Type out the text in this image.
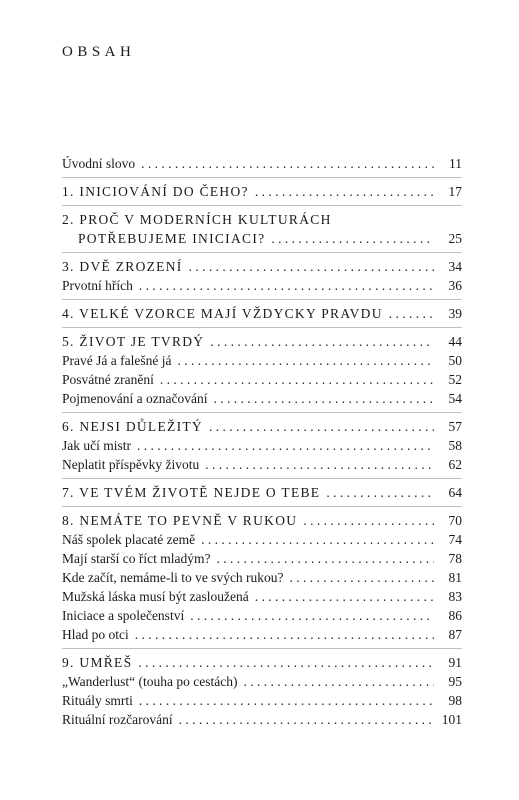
OBSAH
Úvodní slovo . . .	11
1. INICIOVÁNÍ DO ČEHO? . . .	17
2. PROČ V MODERNÍCH KULTURÁCH
POTŘEBUJEME INICIACI? . . .	25
3. DVĚ ZROZENÍ . . .	34
Prvotní hřích . . .	36
4. VELKÉ VZORCE MAJÍ VŽDYCKY PRAVDU . . .	39
5. ŽIVOT JE TVRDÝ . . .	44
Pravé Já a falešné já . . .	50
Posvátné zranění . . .	52
Pojmenování a označování . . .	54
6. NEJSI DŮLEŽITÝ . . .	57
Jak učí mistr . . .	58
Neplatit příspěvky životu . . .	62
7. VE TVÉM ŽIVOTĚ NEJDE O TEBE . . .	64
8. NEMÁTE TO PEVNĚ V RUKOU . . .	70
Náš spolek placaté země . . .	74
Mají starší co říct mladým? . . .	78
Kde začít, nemáme-li to ve svých rukou? . . .	81
Mužská láska musí být zasloužená . . .	83
Iniciace a společenství . . .	86
Hlad po otci . . .	87
9. UMŘEŠ . . .	91
„Wanderlust“ (touha po cestách) . . .	95
Rituály smrti . . .	98
Rituální rozčarování . . .	101
